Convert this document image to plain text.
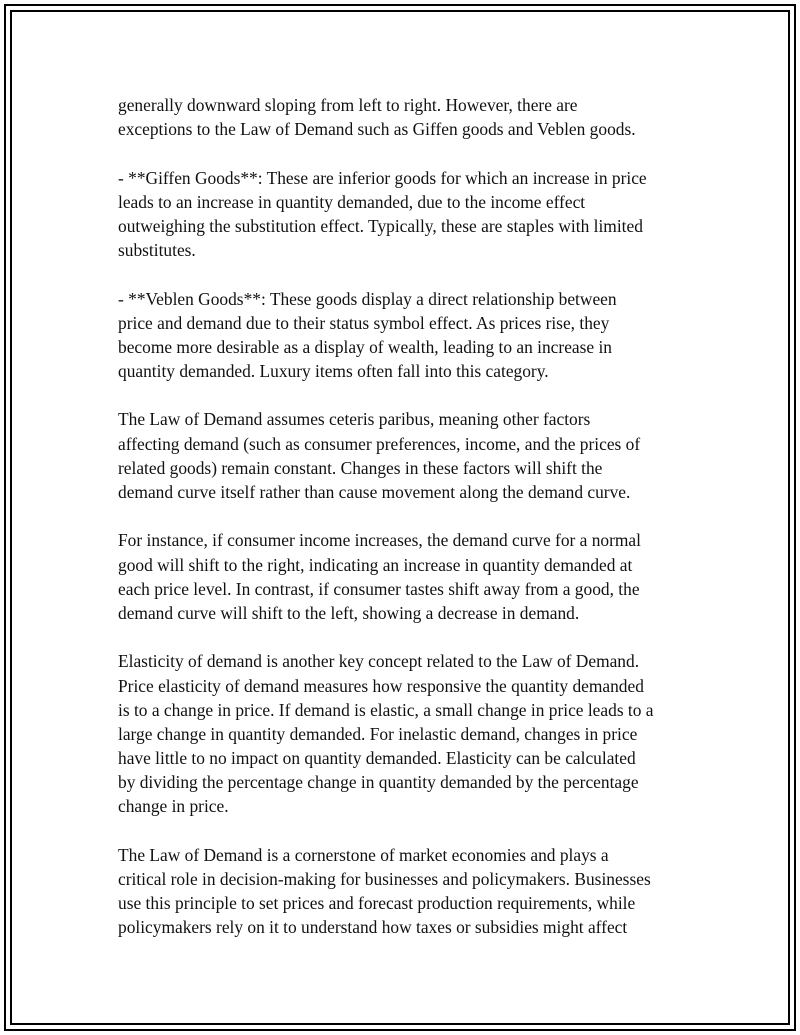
generally downward sloping from left to right. However, there are
exceptions to the Law of Demand such as Giffen goods and Veblen goods.

- **Giffen Goods**: These are inferior goods for which an increase in price
leads to an increase in quantity demanded, due to the income effect
outweighing the substitution effect. Typically, these are staples with limited
substitutes.

- **Veblen Goods**: These goods display a direct relationship between
price and demand due to their status symbol effect. As prices rise, they
become more desirable as a display of wealth, leading to an increase in
quantity demanded. Luxury items often fall into this category.

The Law of Demand assumes ceteris paribus, meaning other factors
affecting demand (such as consumer preferences, income, and the prices of
related goods) remain constant. Changes in these factors will shift the
demand curve itself rather than cause movement along the demand curve.

For instance, if consumer income increases, the demand curve for a normal
good will shift to the right, indicating an increase in quantity demanded at
each price level. In contrast, if consumer tastes shift away from a good, the
demand curve will shift to the left, showing a decrease in demand.

Elasticity of demand is another key concept related to the Law of Demand.
Price elasticity of demand measures how responsive the quantity demanded
is to a change in price. If demand is elastic, a small change in price leads to a
large change in quantity demanded. For inelastic demand, changes in price
have little to no impact on quantity demanded. Elasticity can be calculated
by dividing the percentage change in quantity demanded by the percentage
change in price.

The Law of Demand is a cornerstone of market economies and plays a
critical role in decision-making for businesses and policymakers. Businesses
use this principle to set prices and forecast production requirements, while
policymakers rely on it to understand how taxes or subsidies might affect
